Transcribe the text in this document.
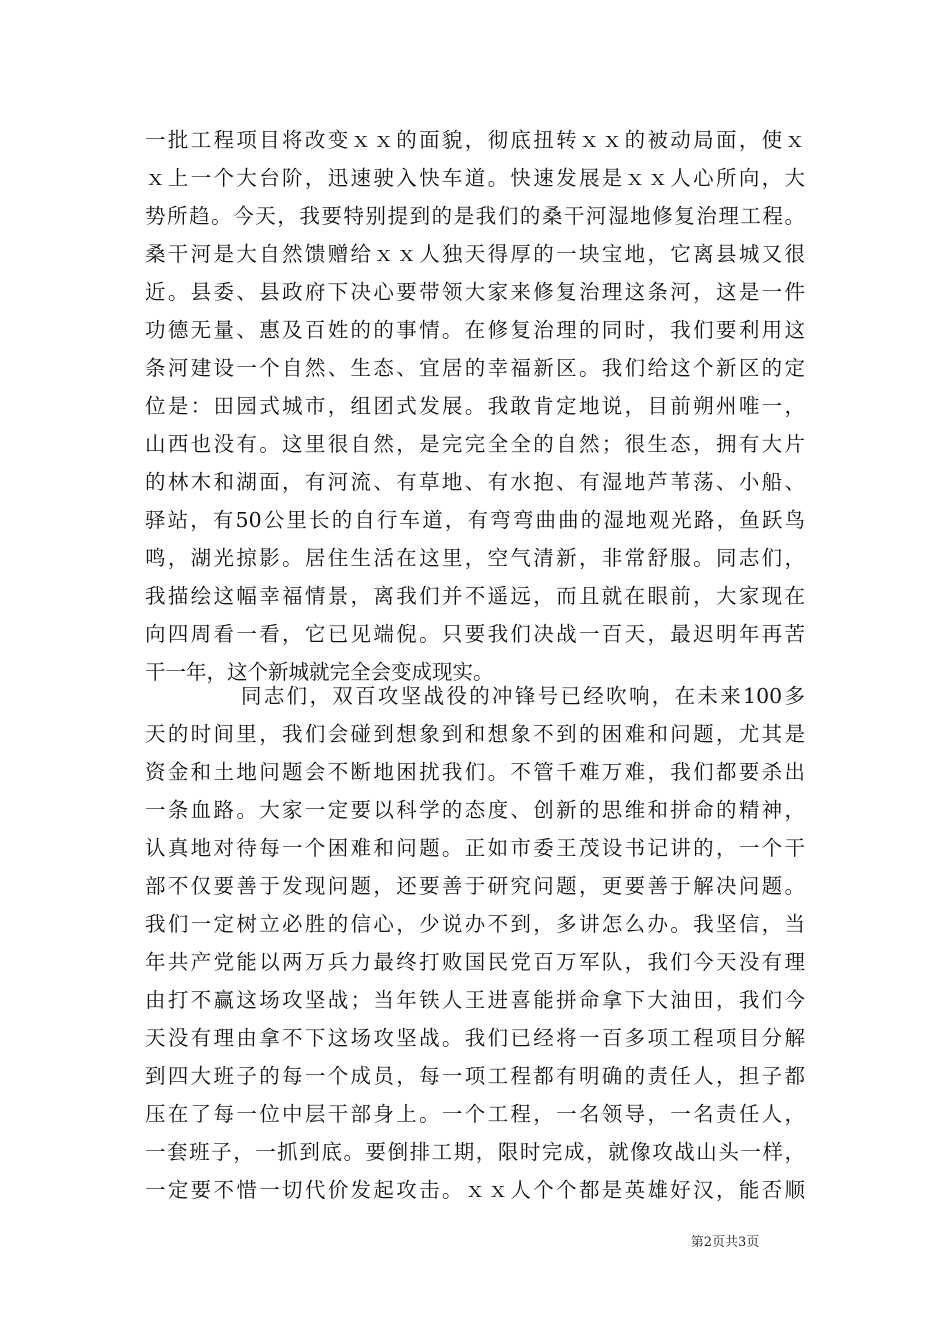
一批工程项目将改变ｘｘ的面貌，彻底扭转ｘｘ的被动局面，使ｘ
ｘ上一个大台阶，迅速驶入快车道。快速发展是ｘｘ人心所向，大
势所趋。今天，我要特别提到的是我们的桑干河湿地修复治理工程。
桑干河是大自然馈赠给ｘｘ人独天得厚的一块宝地，它离县城又很
近。县委、县政府下决心要带领大家来修复治理这条河，这是一件
功德无量、惠及百姓的的事情。在修复治理的同时，我们要利用这
条河建设一个自然、生态、宜居的幸福新区。我们给这个新区的定
位是：田园式城市，组团式发展。我敢肯定地说，目前朔州唯一，
山西也没有。这里很自然，是完完全全的自然；很生态，拥有大片
的林木和湖面，有河流、有草地、有水抱、有湿地芦苇荡、小船、
驿站，有50公里长的自行车道，有弯弯曲曲的湿地观光路，鱼跃鸟
鸣，湖光掠影。居住生活在这里，空气清新，非常舒服。同志们，
我描绘这幅幸福情景，离我们并不遥远，而且就在眼前，大家现在
向四周看一看，它已见端倪。只要我们决战一百天，最迟明年再苦
干一年，这个新城就完全会变成现实。
同志们，双百攻坚战役的冲锋号已经吹响，在未来100多
天的时间里，我们会碰到想象到和想象不到的困难和问题，尤其是
资金和土地问题会不断地困扰我们。不管千难万难，我们都要杀出
一条血路。大家一定要以科学的态度、创新的思维和拼命的精神，
认真地对待每一个困难和问题。正如市委王茂设书记讲的，一个干
部不仅要善于发现问题，还要善于研究问题，更要善于解决问题。
我们一定树立必胜的信心，少说办不到，多讲怎么办。我坚信，当
年共产党能以两万兵力最终打败国民党百万军队，我们今天没有理
由打不赢这场攻坚战；当年铁人王进喜能拼命拿下大油田，我们今
天没有理由拿不下这场攻坚战。我们已经将一百多项工程项目分解
到四大班子的每一个成员，每一项工程都有明确的责任人，担子都
压在了每一位中层干部身上。一个工程，一名领导，一名责任人，
一套班子，一抓到底。要倒排工期，限时完成，就像攻战山头一样，
一定要不惜一切代价发起攻击。ｘｘ人个个都是英雄好汉，能否顺
第2页共3页
